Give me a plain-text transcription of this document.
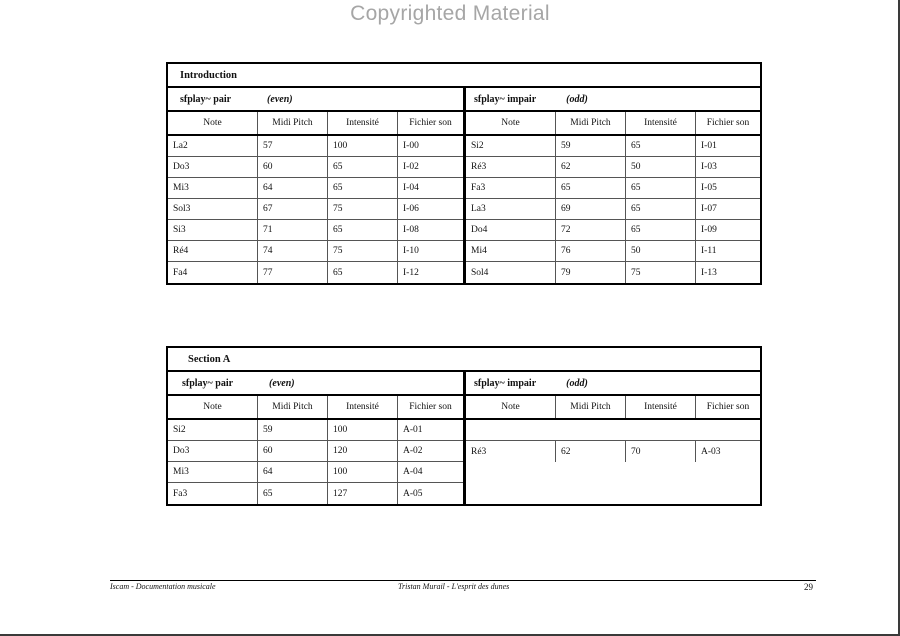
Copyrighted Material
Introduction
sfplay~ pair	(even)
Note	Midi Pitch	Intensité	Fichier son
La2	57	100	I-00
Do3	60	65	I-02
Mi3	64	65	I-04
Sol3	67	75	I-06
Si3	71	65	I-08
Ré4	74	75	I-10
Fa4	77	65	I-12
sfplay~ impair	(odd)
Note	Midi Pitch	Intensité	Fichier son
Si2	59	65	I-01
Ré3	62	50	I-03
Fa3	65	65	I-05
La3	69	65	I-07
Do4	72	65	I-09
Mi4	76	50	I-11
Sol4	79	75	I-13
Section A
sfplay~ pair	(even)
Note	Midi Pitch	Intensité	Fichier son
Si2	59	100	A-01
Do3	60	120	A-02
Mi3	64	100	A-04
Fa3	65	127	A-05
sfplay~ impair	(odd)
Note	Midi Pitch	Intensité	Fichier son
Ré3	62	70	A-03
Iscam - Documentation musicale	Tristan Murail - L'esprit des dunes	29
